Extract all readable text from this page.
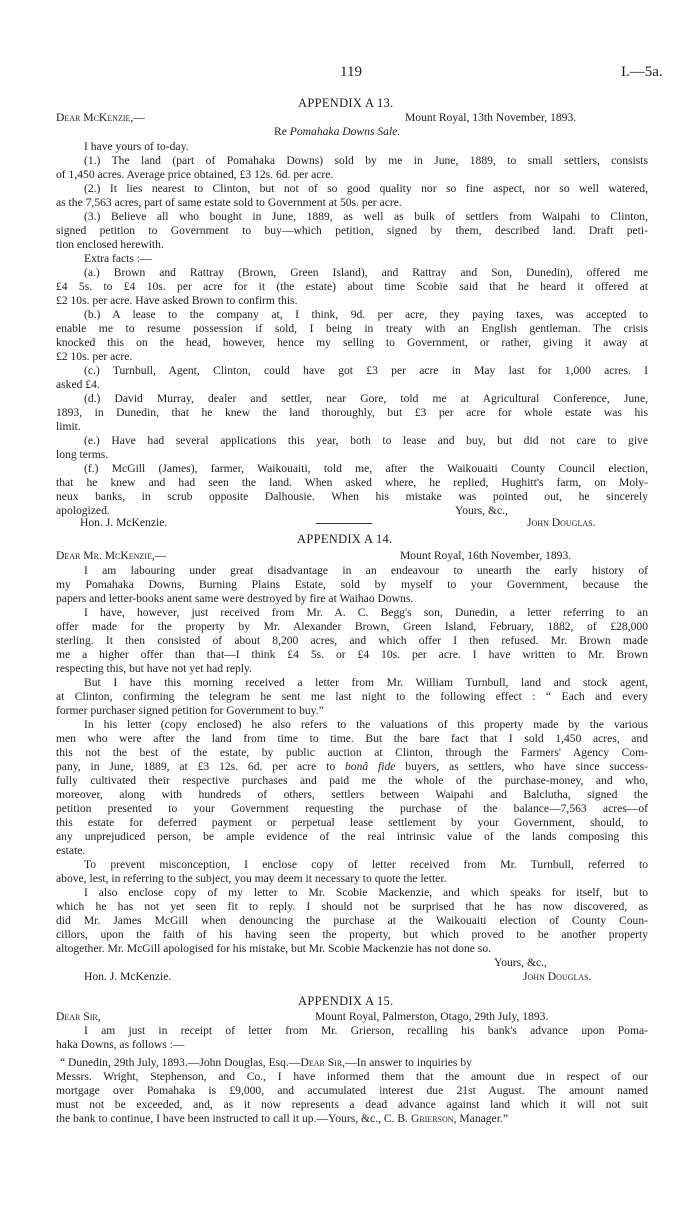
119	I.—5a.
APPENDIX A 13.
Dear McKenzie,—	Mount Royal, 13th November, 1893.
Re Pomahaka Downs Sale.
I have yours of to-day.
(1.) The land (part of Pomahaka Downs) sold by me in June, 1889, to small settlers, consists
of 1,450 acres. Average price obtained, £3 12s. 6d. per acre.
(2.) It lies nearest to Clinton, but not of so good quality nor so fine aspect, nor so well watered,
as the 7,563 acres, part of same estate sold to Government at 50s. per acre.
(3.) Believe all who bought in June, 1889, as well as bulk of settlers from Waipahi to Clinton,
signed petition to Government to buy—which petition, signed by them, described land. Draft peti-
tion enclosed herewith.
Extra facts :—
(a.) Brown and Rattray (Brown, Green Island), and Rattray and Son, Dunedin), offered me
£4 5s. to £4 10s. per acre for it (the estate) about time Scobie said that he heard it offered at
£2 10s. per acre. Have asked Brown to confirm this.
(b.) A lease to the company at, I think, 9d. per acre, they paying taxes, was accepted to
enable me to resume possession if sold, I being in treaty with an English gentleman. The crisis
knocked this on the head, however, hence my selling to Government, or rather, giving it away at
£2 10s. per acre.
(c.) Turnbull, Agent, Clinton, could have got £3 per acre in May last for 1,000 acres. I
asked £4.
(d.) David Murray, dealer and settler, near Gore, told me at Agricultural Conference, June,
1893, in Dunedin, that he knew the land thoroughly, but £3 per acre for whole estate was his
limit.
(e.) Have had several applications this year, both to lease and buy, but did not care to give
long terms.
(f.) McGill (James), farmer, Waikouaiti, told me, after the Waikouaiti County Council election,
that he knew and had seen the land. When asked where, he replied, Hughitt's farm, on Moly-
neux banks, in scrub opposite Dalhousie. When his mistake was pointed out, he sincerely
apologized.	Yours, &c.,
Hon. J. McKenzie.	John Douglas.
APPENDIX A 14.
Dear Mr. McKenzie,—	Mount Royal, 16th November, 1893.
I am labouring under great disadvantage in an endeavour to unearth the early history of
my Pomahaka Downs, Burning Plains Estate, sold by myself to your Government, because the
papers and letter-books anent same were destroyed by fire at Waihao Downs.
I have, however, just received from Mr. A. C. Begg's son, Dunedin, a letter referring to an
offer made for the property by Mr. Alexander Brown, Green Island, February, 1882, of £28,000
sterling. It then consisted of about 8,200 acres, and which offer I then refused. Mr. Brown made
me a higher offer than that—I think £4 5s. or £4 10s. per acre. I have written to Mr. Brown
respecting this, but have not yet had reply.
But I have this morning received a letter from Mr. William Turnbull, land and stock agent,
at Clinton, confirming the telegram he sent me last night to the following effect : “ Each and every
former purchaser signed petition for Government to buy.”
In his letter (copy enclosed) he also refers to the valuations of this property made by the various
men who were after the land from time to time. But the bare fact that I sold 1,450 acres, and
this not the best of the estate, by public auction at Clinton, through the Farmers' Agency Com-
pany, in June, 1889, at £3 12s. 6d. per acre to bonâ fide buyers, as settlers, who have since success-
fully cultivated their respective purchases and paid me the whole of the purchase-money, and who,
moreover, along with hundreds of others, settlers between Waipahi and Balclutha, signed the
petition presented to your Government requesting the purchase of the balance—7,563 acres—of
this estate for deferred payment or perpetual lease settlement by your Government, should, to
any unprejudiced person, be ample evidence of the real intrinsic value of the lands composing this
estate.
To prevent misconception, I enclose copy of letter received from Mr. Turnbull, referred to
above, lest, in referring to the subject, you may deem it necessary to quote the letter.
I also enclose copy of my letter to Mr. Scobie Mackenzie, and which speaks for itself, but to
which he has not yet seen fit to reply. I should not be surprised that he has now discovered, as
did Mr. James McGill when denouncing the purchase at the Waikouaiti election of County Coun-
cillors, upon the faith of his having seen the property, but which proved to be another property
altogether. Mr. McGill apologised for his mistake, but Mr. Scobie Mackenzie has not done so.
Yours, &c.,
Hon. J. McKenzie.	John Douglas.
APPENDIX A 15.
Dear Sir,	Mount Royal, Palmerston, Otago, 29th July, 1893.
I am just in receipt of letter from Mr. Grierson, recalling his bank's advance upon Poma-
haka Downs, as follows :—
“ Dunedin, 29th July, 1893.—John Douglas, Esq.—Dear Sir,—In answer to inquiries by
Messrs. Wright, Stephenson, and Co., I have informed them that the amount due in respect of our
mortgage over Pomahaka is £9,000, and accumulated interest due 21st August. The amount named
must not be exceeded, and, as it now represents a dead advance against land which it will not suit
the bank to continue, I have been instructed to call it up.—Yours, &c., C. B. Grierson, Manager.”
